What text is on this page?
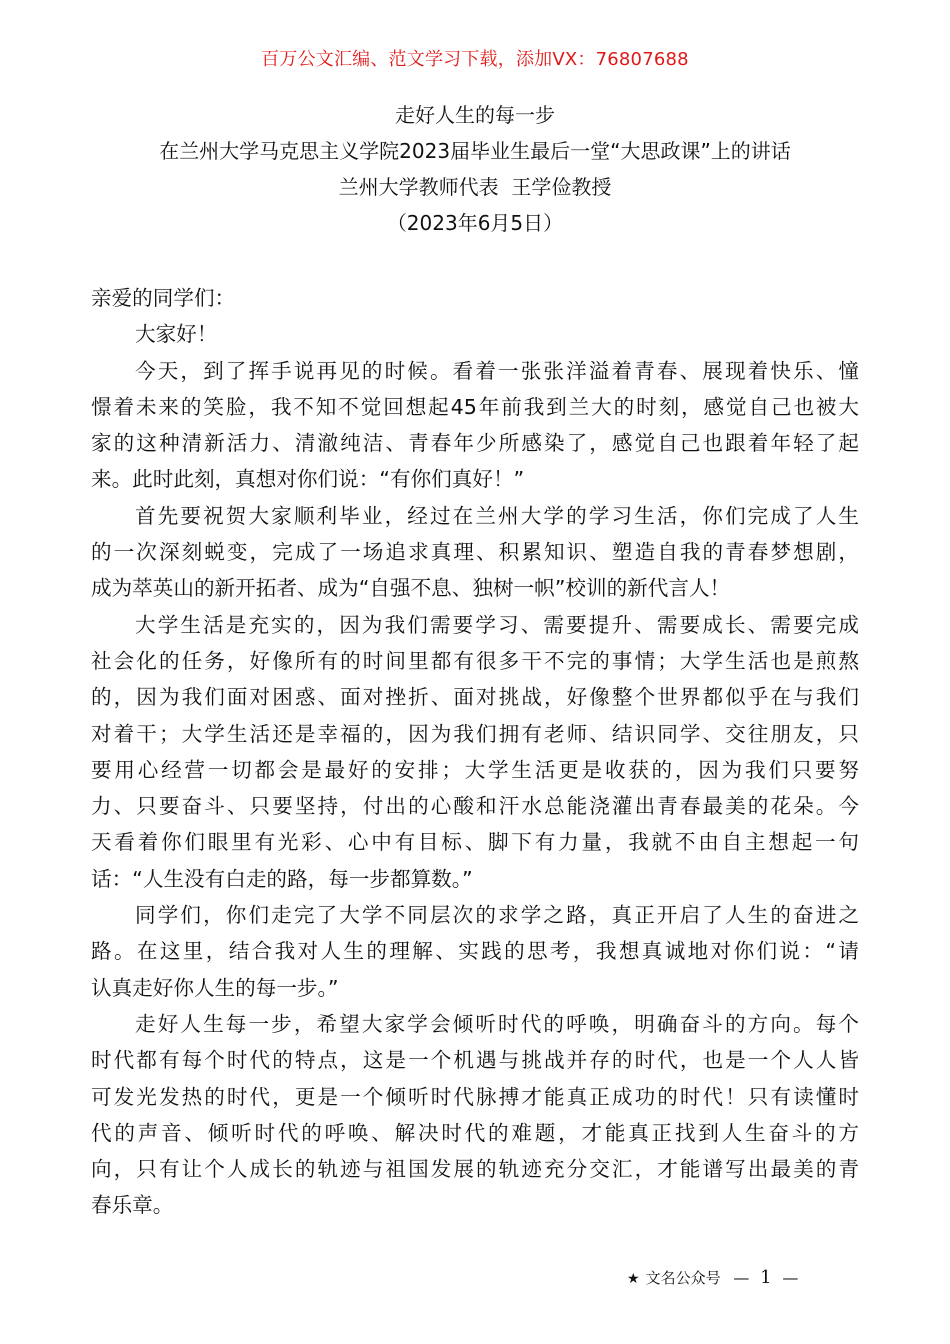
百万公文汇编、范文学习下载，添加VX：76807688
走好人生的每一步
在兰州大学马克思主义学院2023届毕业生最后一堂“大思政课”上的讲话
兰州大学教师代表  王学俭教授
（2023年6月5日）
亲爱的同学们：
大家好！
今天，到了挥手说再见的时候。看着一张张洋溢着青春、展现着快乐、憧
憬着未来的笑脸，我不知不觉回想起45年前我到兰大的时刻，感觉自己也被大
家的这种清新活力、清澈纯洁、青春年少所感染了，感觉自己也跟着年轻了起
来。此时此刻，真想对你们说：“有你们真好！”
首先要祝贺大家顺利毕业，经过在兰州大学的学习生活，你们完成了人生
的一次深刻蜕变，完成了一场追求真理、积累知识、塑造自我的青春梦想剧，
成为萃英山的新开拓者、成为“自强不息、独树一帜”校训的新代言人！
大学生活是充实的，因为我们需要学习、需要提升、需要成长、需要完成
社会化的任务，好像所有的时间里都有很多干不完的事情；大学生活也是煎熬
的，因为我们面对困惑、面对挫折、面对挑战，好像整个世界都似乎在与我们
对着干；大学生活还是幸福的，因为我们拥有老师、结识同学、交往朋友，只
要用心经营一切都会是最好的安排；大学生活更是收获的，因为我们只要努
力、只要奋斗、只要坚持，付出的心酸和汗水总能浇灌出青春最美的花朵。今
天看着你们眼里有光彩、心中有目标、脚下有力量，我就不由自主想起一句
话：“人生没有白走的路，每一步都算数。”
同学们，你们走完了大学不同层次的求学之路，真正开启了人生的奋进之
路。在这里，结合我对人生的理解、实践的思考，我想真诚地对你们说：“请
认真走好你人生的每一步。”
走好人生每一步，希望大家学会倾听时代的呼唤，明确奋斗的方向。每个
时代都有每个时代的特点，这是一个机遇与挑战并存的时代，也是一个人人皆
可发光发热的时代，更是一个倾听时代脉搏才能真正成功的时代！只有读懂时
代的声音、倾听时代的呼唤、解决时代的难题，才能真正找到人生奋斗的方
向，只有让个人成长的轨迹与祖国发展的轨迹充分交汇，才能谱写出最美的青
春乐章。
★ 文名公众号 — 1 —
